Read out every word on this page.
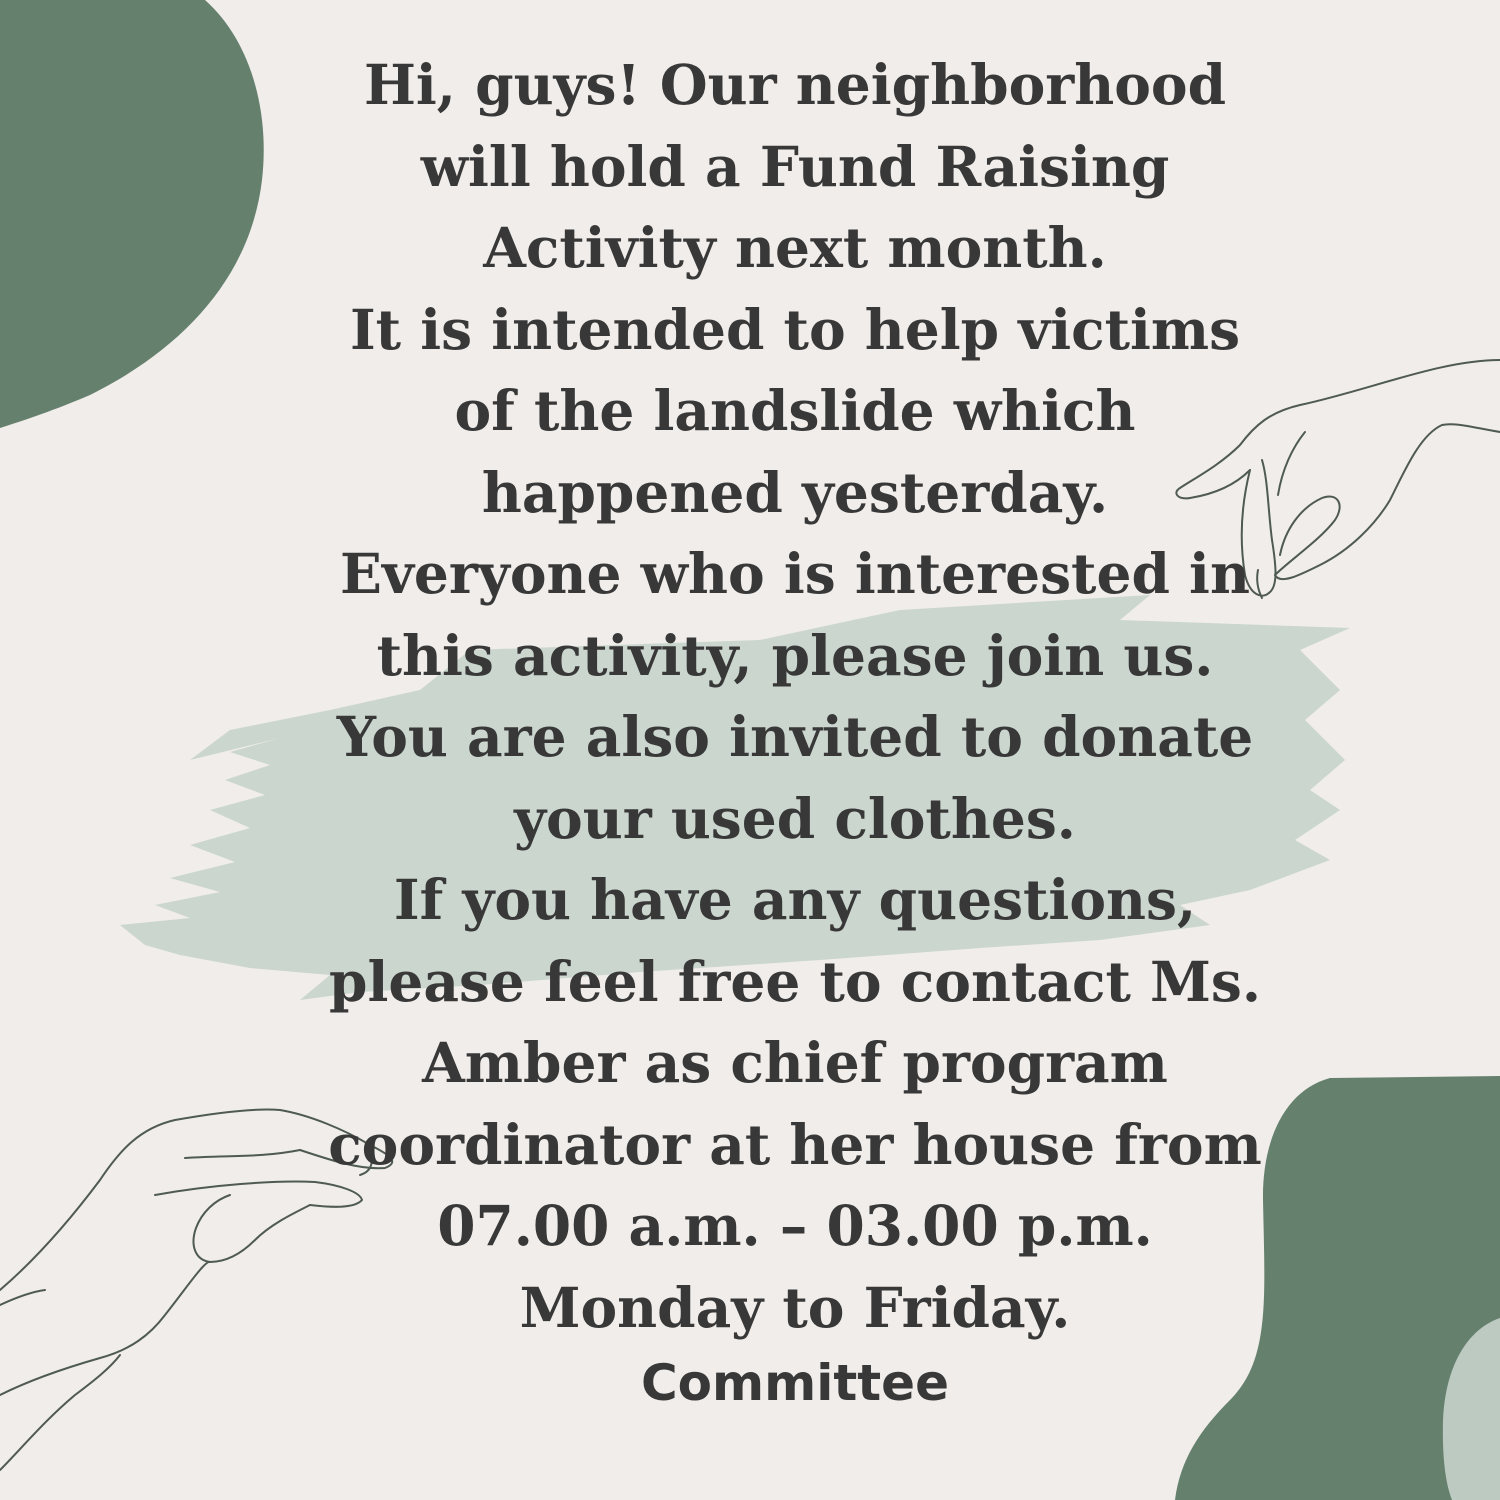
Hi, guys! Our neighborhood
will hold a Fund Raising
Activity next month.
It is intended to help victims
of the landslide which
happened yesterday.
Everyone who is interested in
this activity, please join us.
You are also invited to donate
your used clothes.
If you have any questions,
please feel free to contact Ms.
Amber as chief program
coordinator at her house from
07.00 a.m. – 03.00 p.m.
Monday to Friday.
Committee
